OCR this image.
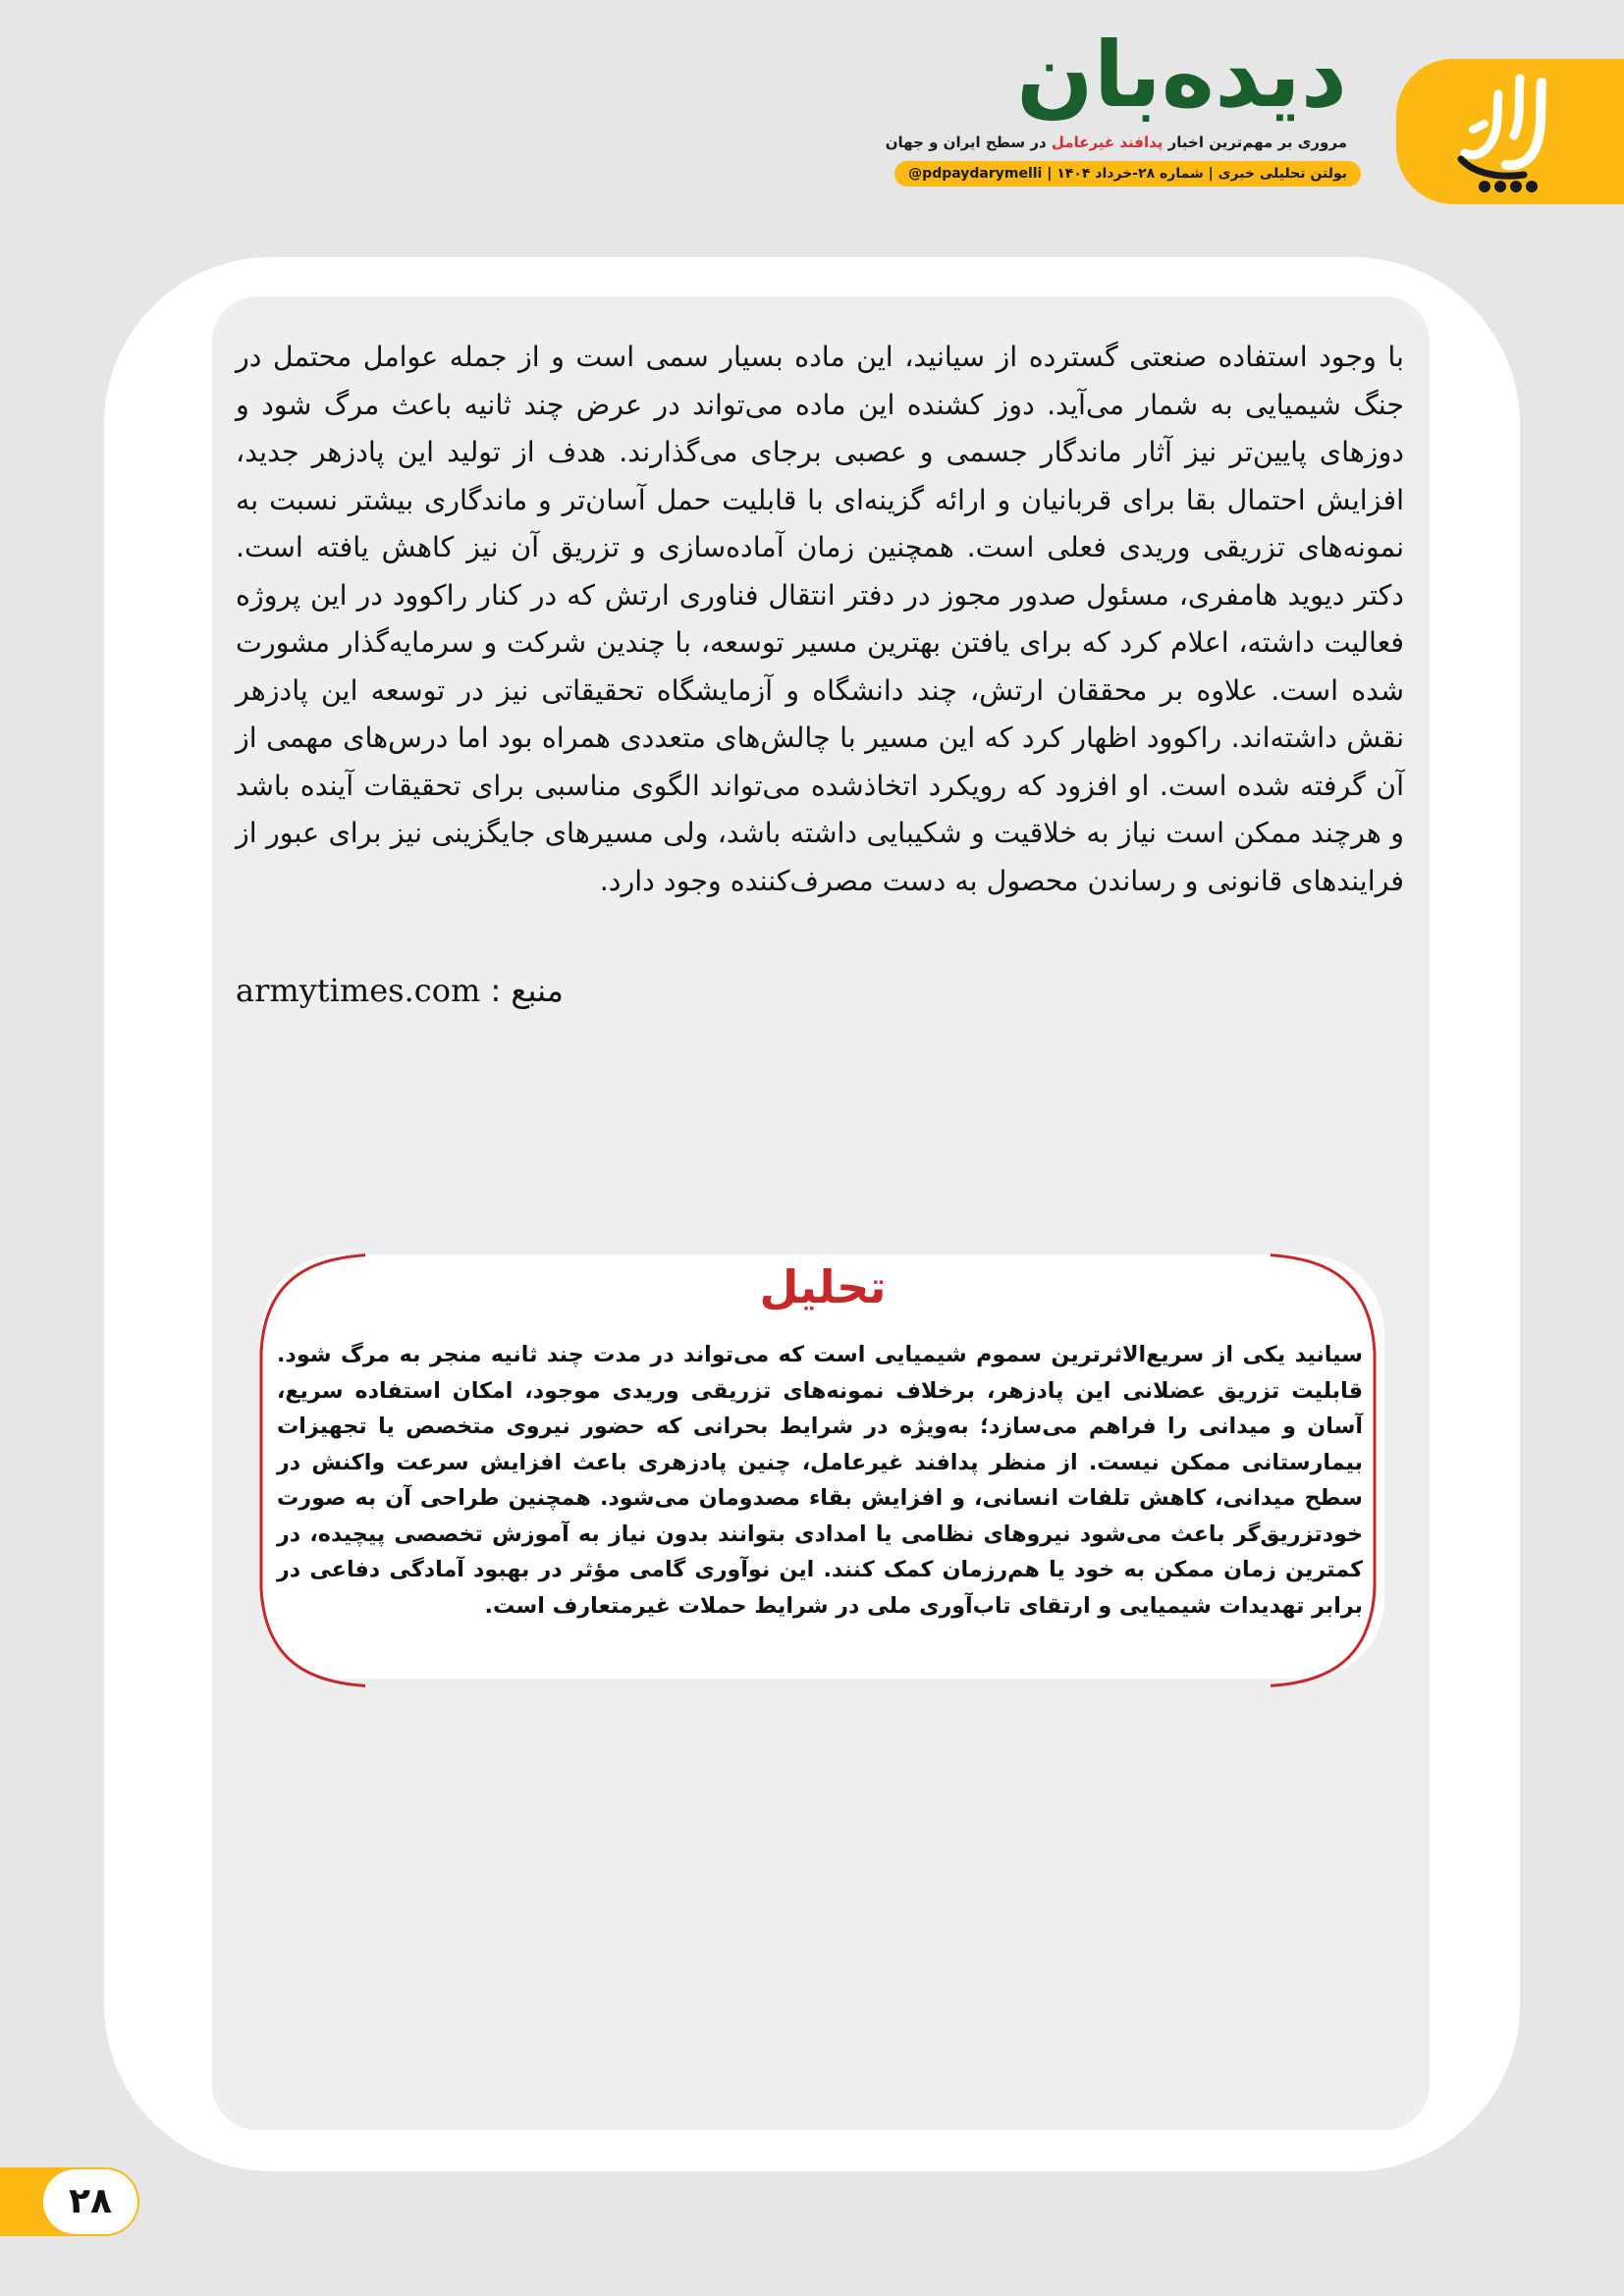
دیده‌بان
مروری بر مهم‌ترین اخبار پدافند غیرعامل در سطح ایران و جهان
بولتن تحلیلی خبری | شماره ۲۸-خرداد ۱۴۰۴ | @pdpaydarymelli
با وجود استفاده صنعتی گسترده از سیانید، این ماده بسیار سمی است و از جمله عوامل محتمل در جنگ شیمیایی به شمار می‌آید. دوز کشنده این ماده می‌تواند در عرض چند ثانیه باعث مرگ شود و دوزهای پایین‌تر نیز آثار ماندگار جسمی و عصبی برجای می‌گذارند. هدف از تولید این پادزهر جدید، افزایش احتمال بقا برای قربانیان و ارائه گزینه‌ای با قابلیت حمل آسان‌تر و ماندگاری بیشتر نسبت به نمونه‌های تزریقی وریدی فعلی است. همچنین زمان آماده‌سازی و تزریق آن نیز کاهش یافته است. دکتر دیوید هامفری، مسئول صدور مجوز در دفتر انتقال فناوری ارتش که در کنار راکوود در این پروژه فعالیت داشته، اعلام کرد که برای یافتن بهترین مسیر توسعه، با چندین شرکت و سرمایه‌گذار مشورت شده است. علاوه بر محققان ارتش، چند دانشگاه و آزمایشگاه تحقیقاتی نیز در توسعه این پادزهر نقش داشته‌اند. راکوود اظهار کرد که این مسیر با چالش‌های متعددی همراه بود اما درس‌های مهمی از آن گرفته شده است. او افزود که رویکرد اتخاذشده می‌تواند الگوی مناسبی برای تحقیقات آینده باشد و هرچند ممکن است نیاز به خلاقیت و شکیبایی داشته باشد، ولی مسیرهای جایگزینی نیز برای عبور از فرایندهای قانونی و رساندن محصول به دست مصرف‌کننده وجود دارد.
منبع : armytimes.com
تحلیل
سیانید یکی از سریع‌الاثرترین سموم شیمیایی است که می‌تواند در مدت چند ثانیه منجر به مرگ شود. قابلیت تزریق عضلانی این پادزهر، برخلاف نمونه‌های تزریقی وریدی موجود، امکان استفاده سریع، آسان و میدانی را فراهم می‌سازد؛ به‌ویژه در شرایط بحرانی که حضور نیروی متخصص یا تجهیزات بیمارستانی ممکن نیست. از منظر پدافند غیرعامل، چنین پادزهری باعث افزایش سرعت واکنش در سطح میدانی، کاهش تلفات انسانی، و افزایش بقاء مصدومان می‌شود. همچنین طراحی آن به صورت خودتزریق‌گر باعث می‌شود نیروهای نظامی یا امدادی بتوانند بدون نیاز به آموزش تخصصی پیچیده، در کمترین زمان ممکن به خود یا هم‌رزمان کمک کنند. این نوآوری گامی مؤثر در بهبود آمادگی دفاعی در برابر تهدیدات شیمیایی و ارتقای تاب‌آوری ملی در شرایط حملات غیرمتعارف است.
۲۸
